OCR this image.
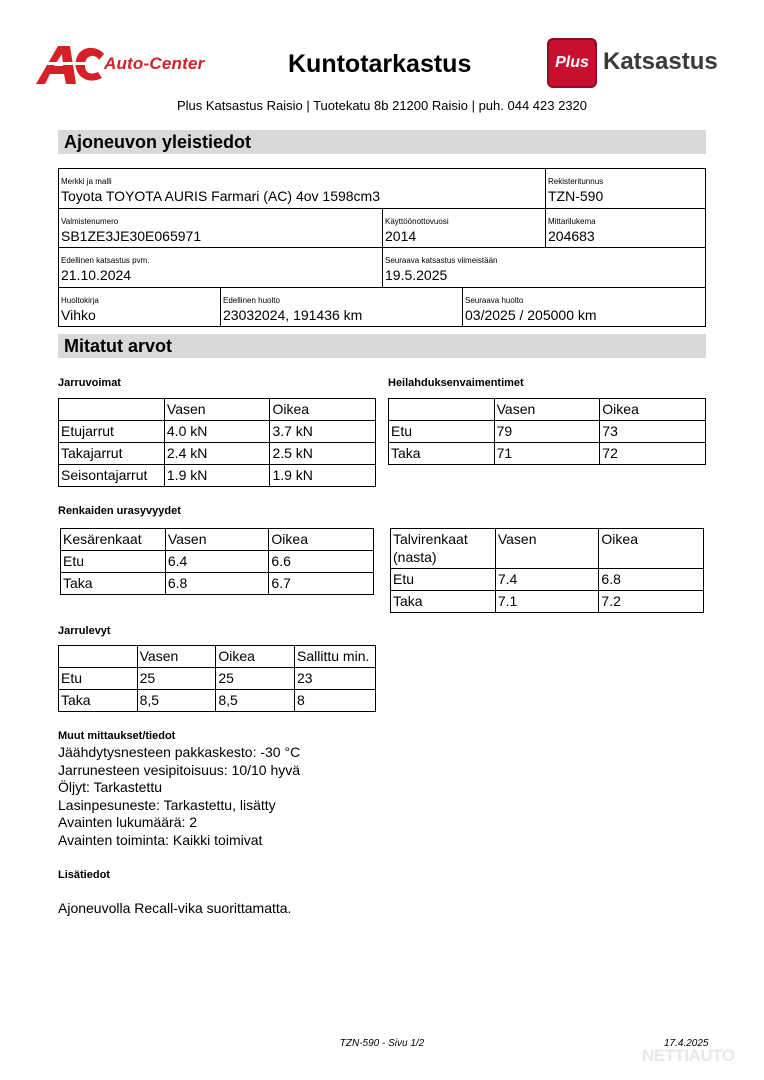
Auto-Center	Kuntotarkastus	Plus Katsastus
Plus Katsastus Raisio | Tuotekatu 8b 21200 Raisio | puh. 044 423 2320
Ajoneuvon yleistiedot
Merkki ja malli
Toyota TOYOTA AURIS Farmari (AC) 4ov 1598cm3
Rekisteritunnus
TZN-590
Valmistenumero
SB1ZE3JE30E065971
Käyttöönottovuosi
2014
Mittarilukema
204683
Edellinen katsastus pvm.
21.10.2024
Seuraava katsastus viimeistään
19.5.2025
Huoltokirja
Vihko
Edellinen huolto
23032024, 191436 km
Seuraava huolto
03/2025 / 205000 km
Mitatut arvot
Jarruvoimat
	Vasen	Oikea
Etujarrut	4.0 kN	3.7 kN
Takajarrut	2.4 kN	2.5 kN
Seisontajarrut	1.9 kN	1.9 kN
Heilahduksenvaimentimet
	Vasen	Oikea
Etu	79	73
Taka	71	72
Renkaiden urasyvyydet
Kesärenkaat	Vasen	Oikea
Etu	6.4	6.6
Taka	6.8	6.7
Talvirenkaat
(nasta)	Vasen	Oikea
Etu	7.4	6.8
Taka	7.1	7.2
Jarrulevyt
	Vasen	Oikea	Sallittu min.
Etu	25	25	23
Taka	8,5	8,5	8
Muut mittaukset/tiedot
Jäähdytysnesteen pakkaskesto: -30 °C
Jarrunesteen vesipitoisuus: 10/10 hyvä
Öljyt: Tarkastettu
Lasinpesuneste: Tarkastettu, lisätty
Avainten lukumäärä: 2
Avainten toiminta: Kaikki toimivat
Lisätiedot
Ajoneuvolla Recall-vika suorittamatta.
TZN-590 - Sivu 1/2	17.4.2025
NETTIAUTO
